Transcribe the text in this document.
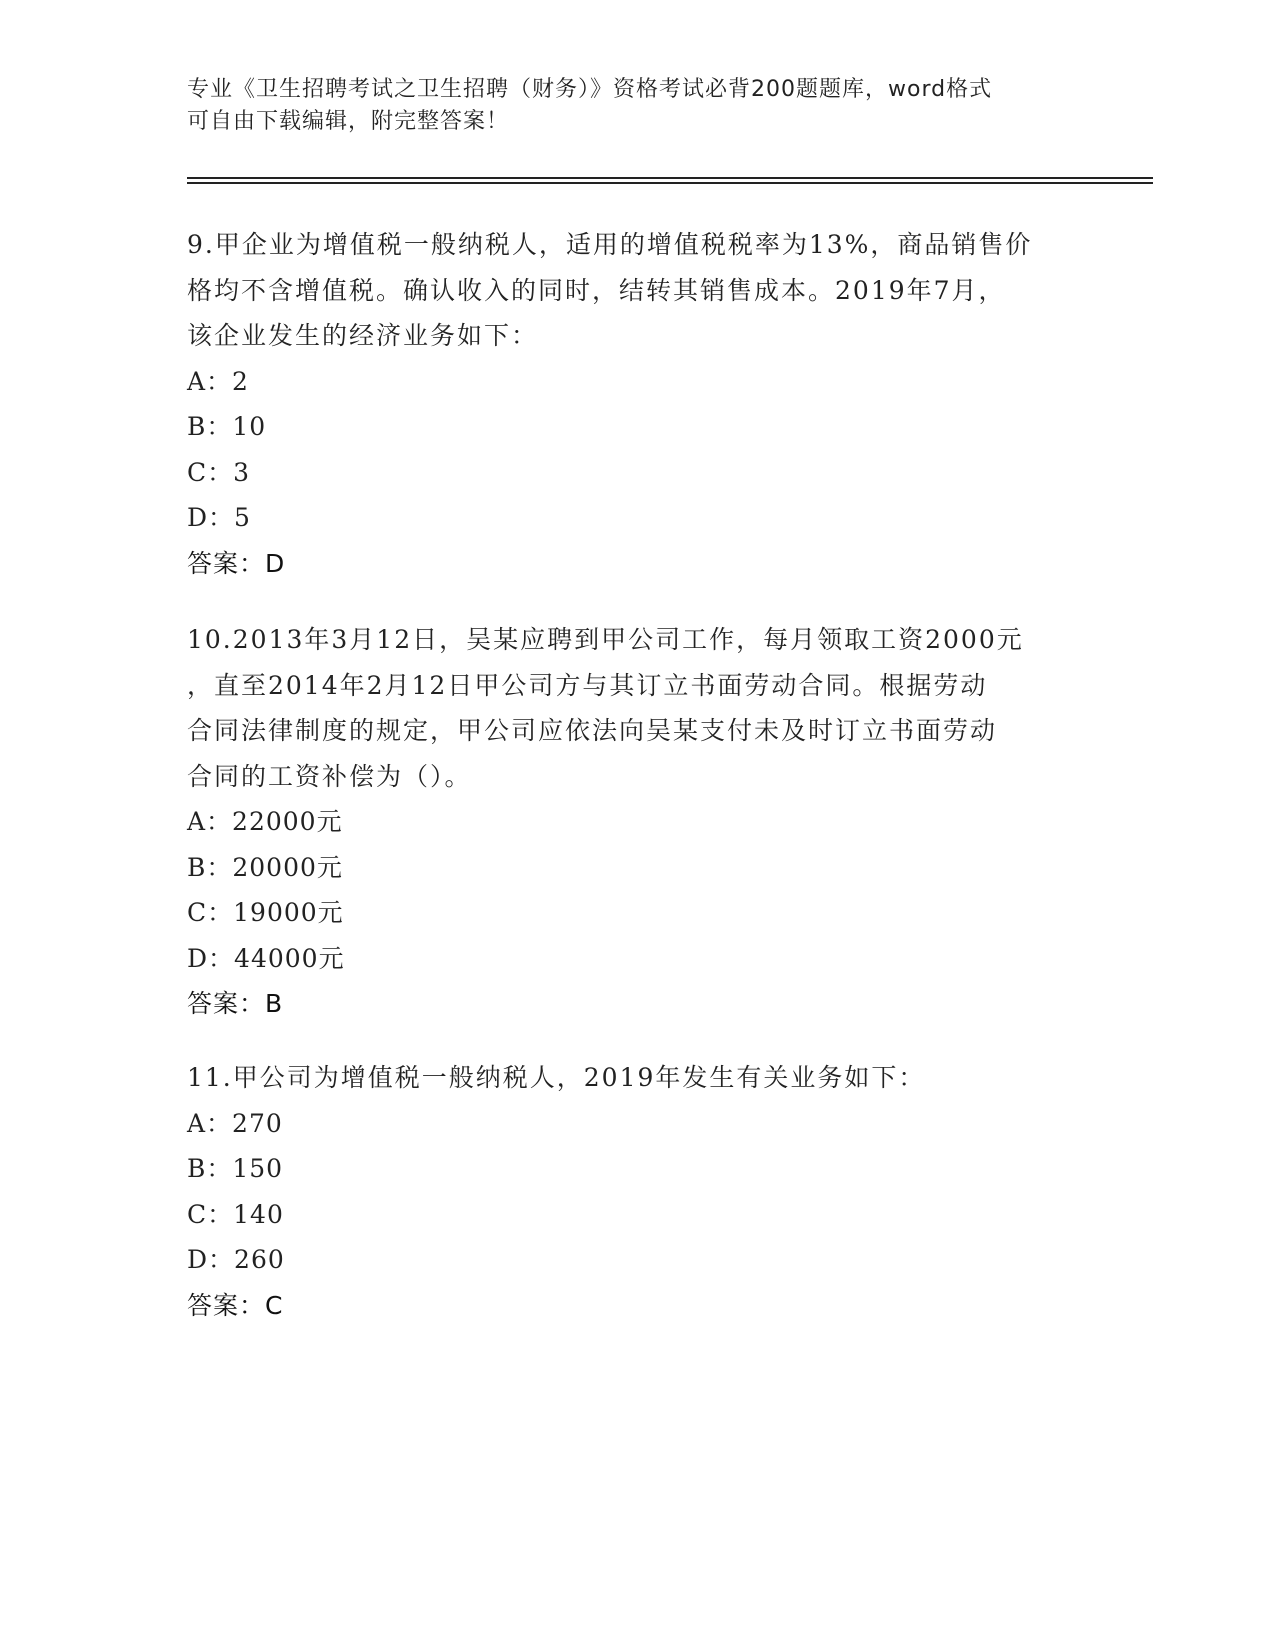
专业《卫生招聘考试之卫生招聘（财务）》资格考试必背200题题库，word格式
可自由下载编辑，附完整答案！
9.甲企业为增值税一般纳税人，适用的增值税税率为13%，商品销售价
格均不含增值税。确认收入的同时，结转其销售成本。2019年7月，
该企业发生的经济业务如下：
A：2
B：10
C：3
D：5
答案：D
10.2013年3月12日，吴某应聘到甲公司工作，每月领取工资2000元
，直至2014年2月12日甲公司方与其订立书面劳动合同。根据劳动
合同法律制度的规定，甲公司应依法向吴某支付未及时订立书面劳动
合同的工资补偿为（）。
A：22000元
B：20000元
C：19000元
D：44000元
答案：B
11.甲公司为增值税一般纳税人，2019年发生有关业务如下：
A：270
B：150
C：140
D：260
答案：C
